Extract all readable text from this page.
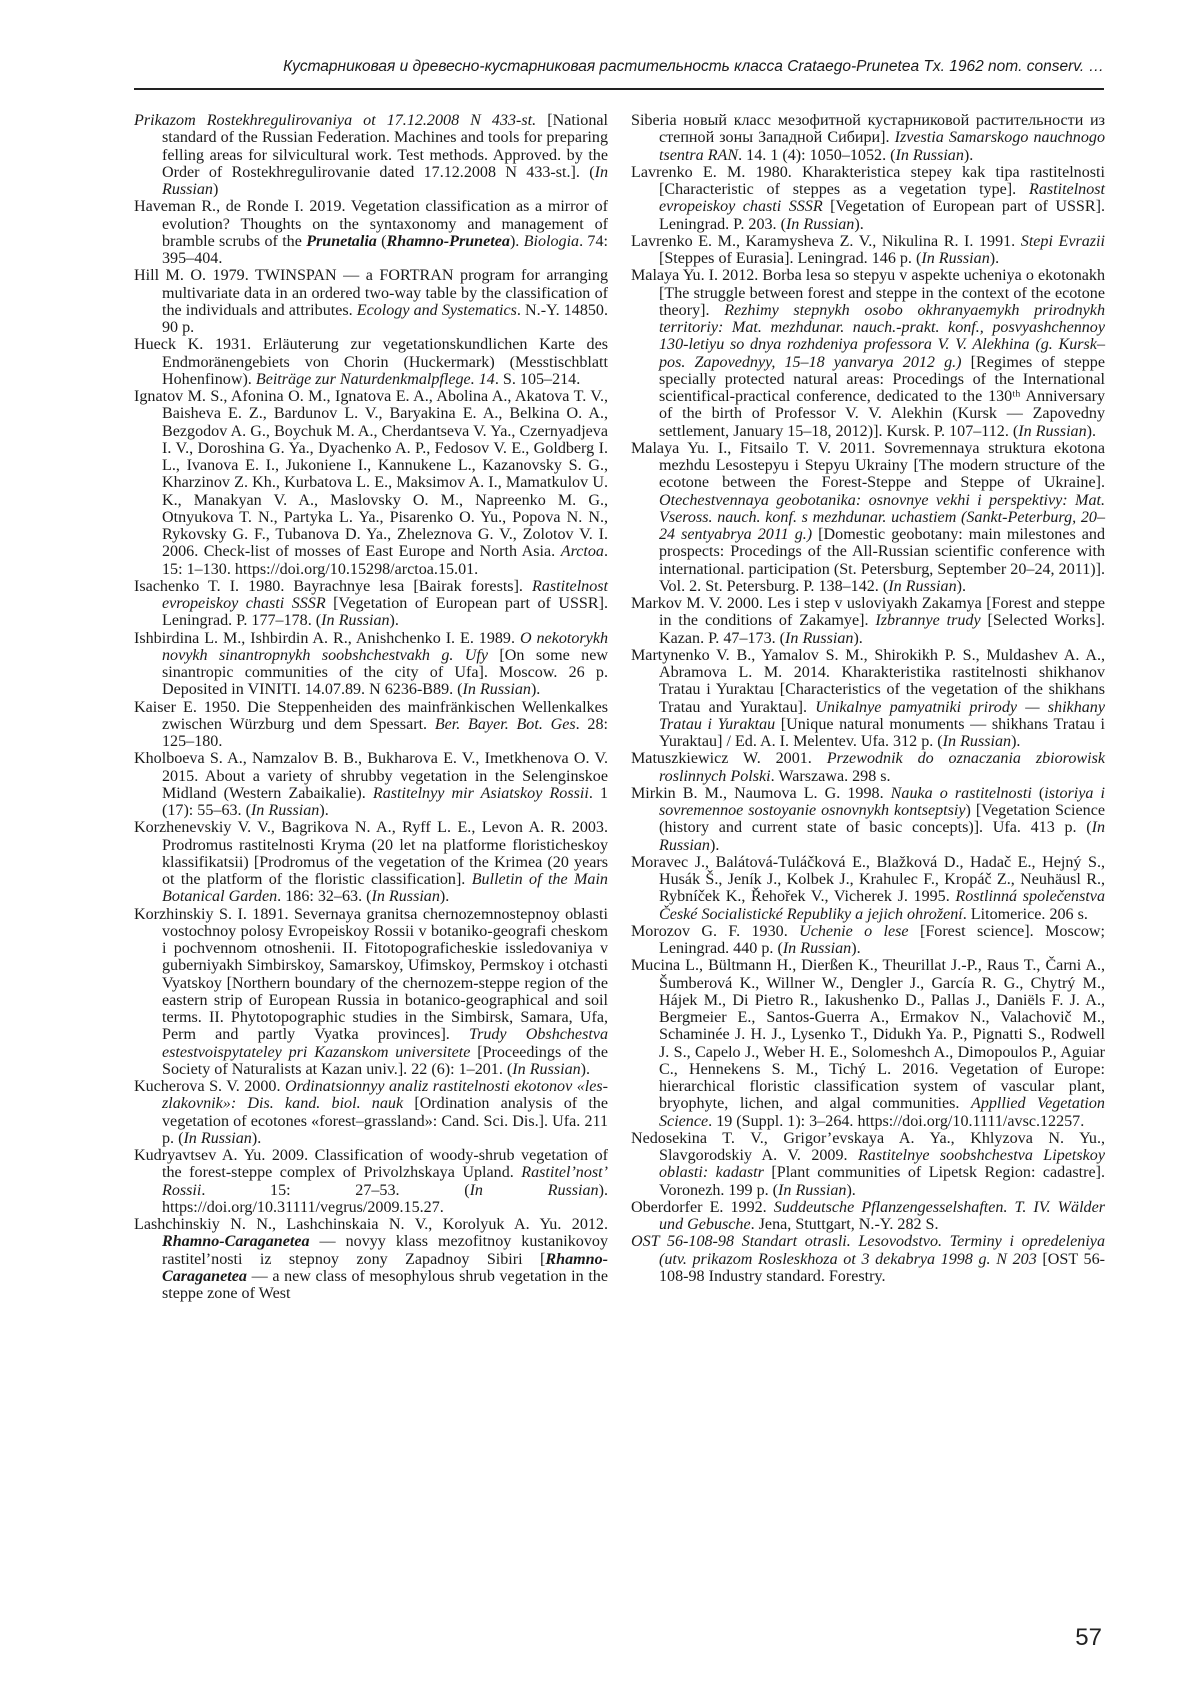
Кустарниковая и древесно-кустарниковая растительность класса Crataego-Prunetea Tx. 1962 nom. conserv. …

Prikazom Rostekhregulirovaniya ot 17.12.2008 N 433-st. [National standard of the Russian Federation. Machines and tools for preparing felling areas for silvicultural work. Test methods. Approved. by the Order of Rostekhregulirovanie dated 17.12.2008 N 433-st.]. (In Russian)

Haveman R., de Ronde I. 2019. Vegetation classification as a mirror of evolution? Thoughts on the syntaxonomy and management of bramble scrubs of the Prunetalia (Rhamno-Prunetea). Biologia. 74: 395–404.

Hill M. O. 1979. TWINSPAN — a FORTRAN program for arranging multivariate data in an ordered two-way table by the classification of the individuals and attributes. Ecology and Systematics. N.-Y. 14850. 90 p.

Hueck K. 1931. Erläuterung zur vegetationskundlichen Karte des Endmoränengebiets von Chorin (Huckermark) (Messtischblatt Hohenfinow). Beiträge zur Naturdenkmalpflege. 14. S. 105–214.

Ignatov M. S., Afonina O. M., Ignatova E. A., Abolina A., Akatova T. V., Baisheva E. Z., Bardunov L. V., Baryakina E. A., Belkina O. A., Bezgodov A. G., Boychuk M. A., Cherdantseva V. Ya., Czernyadjeva I. V., Doroshina G. Ya., Dyachenko A. P., Fedosov V. E., Goldberg I. L., Ivanova E. I., Jukoniene I., Kannukene L., Kazanovsky S. G., Kharzinov Z. Kh., Kurbatova L. E., Maksimov A. I., Mamatkulov U. K., Manakyan V. A., Maslovsky O. M., Napreenko M. G., Otnyukova T. N., Partyka L. Ya., Pisarenko O. Yu., Popova N. N., Rykovsky G. F., Tubanova D. Ya., Zheleznova G. V., Zolotov V. I. 2006. Check-list of mosses of East Europe and North Asia. Arctoa. 15: 1–130. https://doi.org/10.15298/arctoa.15.01.

Isachenko T. I. 1980. Bayrachnye lesa [Bairak forests]. Rastitelnost evropeiskoy chasti SSSR [Vegetation of European part of USSR]. Leningrad. P. 177–178. (In Russian).

Ishbirdina L. M., Ishbirdin A. R., Anishchenko I. E. 1989. O nekotorykh novykh sinantropnykh soobshchestvakh g. Ufy [On some new sinantropic communities of the city of Ufa]. Moscow. 26 p. Deposited in VINITI. 14.07.89. N 6236-B89. (In Russian).

Kaiser E. 1950. Die Steppenheiden des mainfränkischen Wellenkalkes zwischen Würzburg und dem Spessart. Ber. Bayer. Bot. Ges. 28: 125–180.

Kholboeva S. A., Namzalov B. B., Bukharova E. V., Imetkhenova O. V. 2015. About a variety of shrubby vegetation in the Selenginskoe Midland (Western Zabaikalie). Rastitelnyy mir Asiatskoy Rossii. 1 (17): 55–63. (In Russian).

Korzhenevskiy V. V., Bagrikova N. A., Ryff L. E., Levon A. R. 2003. Prodromus rastitelnosti Kryma (20 let na platforme floristicheskoy klassifikatsii) [Prodromus of the vegetation of the Krimea (20 years ot the platform of the floristic classification]. Bulletin of the Main Botanical Garden. 186: 32–63. (In Russian).

Korzhinskiy S. I. 1891. Severnaya granitsa chernozemnostepnoy oblasti vostochnoy polosy Evropeiskoy Rossii v botaniko-geografi cheskom i pochvennom otnoshenii. II. Fitotopograficheskie issledovaniya v guberniyakh Simbirskoy, Samarskoy, Ufimskoy, Permskoy i otchasti Vyatskoy [Northern boundary of the chernozem-steppe region of the eastern strip of European Russia in botanico-geographical and soil terms. II. Phytotopographic studies in the Simbirsk, Samara, Ufa, Perm and partly Vyatka provinces]. Trudy Obshchestva estestvoispytateley pri Kazanskom universitete [Proceedings of the Society of Naturalists at Kazan univ.]. 22 (6): 1–201. (In Russian).

Kucherova S. V. 2000. Ordinatsionnyy analiz rastitelnosti ekotonov «les-zlakovnik»: Dis. kand. biol. nauk [Ordination analysis of the vegetation of ecotones «forest–grassland»: Cand. Sci. Dis.]. Ufa. 211 p. (In Russian).

Kudryavtsev A. Yu. 2009. Classification of woody-shrub vegetation of the forest-steppe complex of Privolzhskaya Upland. Rastitel’nost’ Rossii. 15: 27–53. (In Russian). https://doi.org/10.31111/vegrus/2009.15.27.

Lashchinskiy N. N., Lashchinskaia N. V., Korolyuk A. Yu. 2012. Rhamno-Caraganetea — novyy klass mezofitnoy kustanikovoy rastitel’nosti iz stepnoy zony Zapadnoy Sibiri [Rhamno-Caraganetea — a new class of mesophylous shrub vegetation in the steppe zone of West

Siberia новый класс мезофитной кустарниковой растительности из степной зоны Западной Сибири]. Izvestia Samarskogo nauchnogo tsentra RAN. 14. 1 (4): 1050–1052. (In Russian).

Lavrenko E. M. 1980. Kharakteristica stepey kak tipa rastitelnosti [Characteristic of steppes as a vegetation type]. Rastitelnost evropeiskoy chasti SSSR [Vegetation of European part of USSR]. Leningrad. P. 203. (In Russian).

Lavrenko E. M., Karamysheva Z. V., Nikulina R. I. 1991. Stepi Evrazii [Steppes of Eurasia]. Leningrad. 146 p. (In Russian).

Malaya Yu. I. 2012. Borba lesa so stepyu v aspekte ucheniya o ekotonakh [The struggle between forest and steppe in the context of the ecotone theory]. Rezhimy stepnykh osobo okhranyaemykh prirodnykh territoriy: Mat. mezhdunar. nauch.-prakt. konf., posvyashchennoy 130-letiyu so dnya rozhdeniya professora V. V. Alekhina (g. Kursk–pos. Zapovednyy, 15–18 yanvarya 2012 g.) [Regimes of steppe specially protected natural areas: Procedings of the International scientifical-practical conference, dedicated to the 130ᵗʰ Anniversary of the birth of Professor V. V. Alekhin (Kursk — Zapovedny settlement, January 15–18, 2012)]. Kursk. P. 107–112. (In Russian).

Malaya Yu. I., Fitsailo T. V. 2011. Sovremennaya struktura ekotona mezhdu Lesostepyu i Stepyu Ukrainy [The modern structure of the ecotone between the Forest-Steppe and Steppe of Ukraine]. Otechestvennaya geobotanika: osnovnye vekhi i perspektivy: Mat. Vseross. nauch. konf. s mezhdunar. uchastiem (Sankt-Peterburg, 20–24 sentyabrya 2011 g.) [Domestic geobotany: main milestones and prospects: Procedings of the All-Russian scientific conference with international. participation (St. Petersburg, September 20–24, 2011)]. Vol. 2. St. Petersburg. P. 138–142. (In Russian).

Markov M. V. 2000. Les i step v usloviyakh Zakamya [Forest and steppe in the conditions of Zakamye]. Izbrannye trudy [Selected Works]. Kazan. P. 47–173. (In Russian).

Martynenko V. B., Yamalov S. M., Shirokikh P. S., Muldashev A. A., Abramova L. M. 2014. Kharakteristika rastitelnosti shikhanov Tratau i Yuraktau [Characteristics of the vegetation of the shikhans Tratau and Yuraktau]. Unikalnye pamyatniki prirody — shikhany Tratau i Yuraktau [Unique natural monuments — shikhans Tratau i Yuraktau] / Ed. A. I. Melentev. Ufa. 312 p. (In Russian).

Matuszkiewicz W. 2001. Przewodnik do oznaczania zbiorowisk roslinnych Polski. Warszawa. 298 s.

Mirkin B. M., Naumova L. G. 1998. Nauka o rastitelnosti (istoriya i sovremennoe sostoyanie osnovnykh kontseptsiy) [Vegetation Science (history and current state of basic concepts)]. Ufa. 413 p. (In Russian).

Moravec J., Balátová-Tuláčková E., Blažková D., Hadač E., Hejný S., Husák Š., Jeník J., Kolbek J., Krahulec F., Kropáč Z., Neuhäusl R., Rybníček K., Řehořek V., Vicherek J. 1995. Rostlinná společenstva České Socialistické Republiky a jejich ohrožení. Litomerice. 206 s.

Morozov G. F. 1930. Uchenie o lese [Forest science]. Moscow; Leningrad. 440 p. (In Russian).

Mucina L., Bültmann H., Dierßen K., Theurillat J.-P., Raus T., Čarni A., Šumberová K., Willner W., Dengler J., García R. G., Chytrý M., Hájek M., Di Pietro R., Iakushenko D., Pallas J., Daniëls F. J. A., Bergmeier E., Santos-Guerra A., Ermakov N., Valachovič M., Schaminée J. H. J., Lysenko T., Didukh Ya. P., Pignatti S., Rodwell J. S., Capelo J., Weber H. E., Solomeshch A., Dimopoulos P., Aguiar C., Hennekens S. M., Tichý L. 2016. Vegetation of Europe: hierarchical floristic classification system of vascular plant, bryophyte, lichen, and algal communities. Appllied Vegetation Science. 19 (Suppl. 1): 3–264. https://doi.org/10.1111/avsc.12257.

Nedosekina T. V., Grigor’evskaya A. Ya., Khlyzova N. Yu., Slavgorodskiy A. V. 2009. Rastitelnye soobshchestva Lipetskoy oblasti: kadastr [Plant communities of Lipetsk Region: cadastre]. Voronezh. 199 p. (In Russian).

Oberdorfer E. 1992. Suddeutsche Pflanzengesselshaften. T. IV. Wälder und Gebusche. Jena, Stuttgart, N.-Y. 282 S.

OST 56-108-98 Standart otrasli. Lesovodstvo. Terminy i opredeleniya (utv. prikazom Rosleskhoza ot 3 dekabrya 1998 g. N 203 [OST 56-108-98 Industry standard. Forestry.

57
